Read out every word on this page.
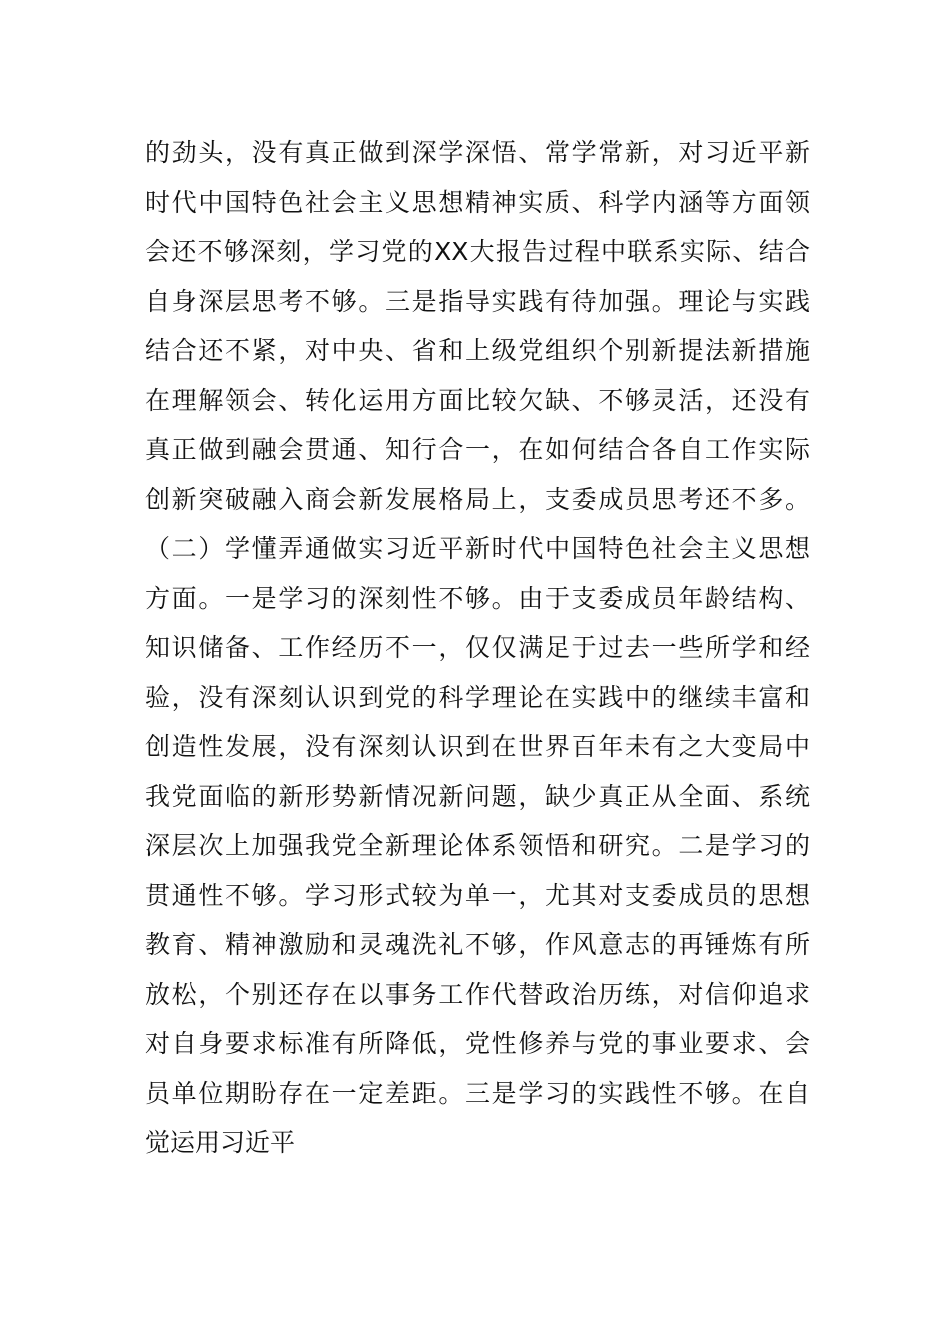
的劲头，没有真正做到深学深悟、常学常新，对习近平新
时代中国特色社会主义思想精神实质、科学内涵等方面领
会还不够深刻，学习党的XX大报告过程中联系实际、结合
自身深层思考不够。三是指导实践有待加强。理论与实践
结合还不紧，对中央、省和上级党组织个别新提法新措施
在理解领会、转化运用方面比较欠缺、不够灵活，还没有
真正做到融会贯通、知行合一，在如何结合各自工作实际
创新突破融入商会新发展格局上，支委成员思考还不多。
（二）学懂弄通做实习近平新时代中国特色社会主义思想
方面。一是学习的深刻性不够。由于支委成员年龄结构、
知识储备、工作经历不一，仅仅满足于过去一些所学和经
验，没有深刻认识到党的科学理论在实践中的继续丰富和
创造性发展，没有深刻认识到在世界百年未有之大变局中
我党面临的新形势新情况新问题，缺少真正从全面、系统
深层次上加强我党全新理论体系领悟和研究。二是学习的
贯通性不够。学习形式较为单一，尤其对支委成员的思想
教育、精神激励和灵魂洗礼不够，作风意志的再锤炼有所
放松，个别还存在以事务工作代替政治历练，对信仰追求
对自身要求标准有所降低，党性修养与党的事业要求、会
员单位期盼存在一定差距。三是学习的实践性不够。在自
觉运用习近平
